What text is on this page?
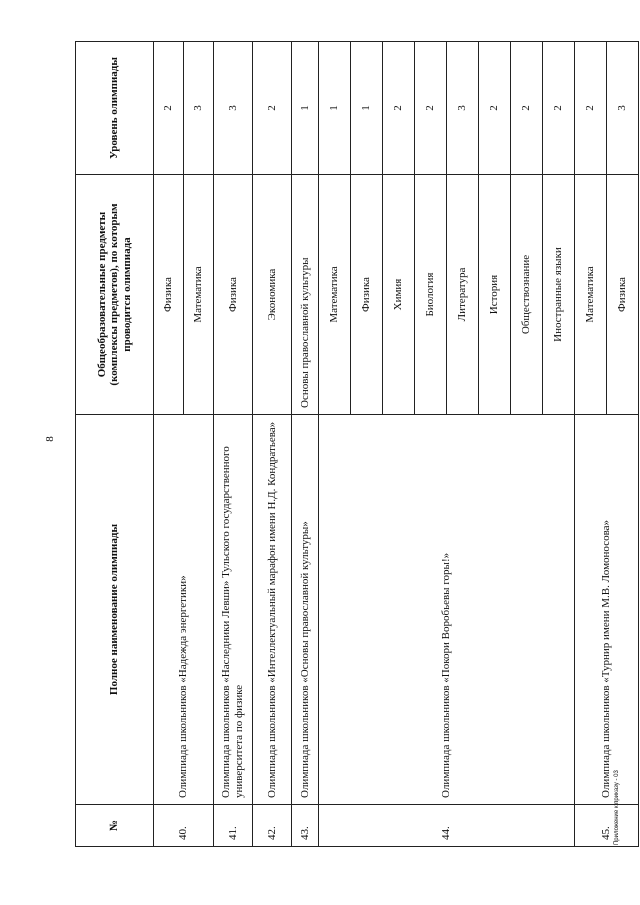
8
№	Полное наименование олимпиады	Общеобразовательные предметы (комплексы предметов), по которым проводится олимпиада	Уровень олимпиады
40.	Олимпиада школьников «Надежда энергетики»	Физика	2
		Математика	3
41.	Олимпиада школьников «Наследники Левши» Тульского государственного университета по физике	Физика	3
42.	Олимпиада школьников «Интеллектуальный марафон имени Н.Д. Кондратьева»	Экономика	2
43.	Олимпиада школьников «Основы православной культуры»	Основы православной культуры	1
44.	Олимпиада школьников «Покори Воробьевы горы!»	Математика	1
		Физика	1
		Химия	2
		Биология	2
		Литература	3
		История	2
		Обществознание	2
		Иностранные языки	2
45.	Олимпиада школьников «Турнир имени М.В. Ломоносова»	Математика	2
		Физика	3
Приложение к приказу - 03
